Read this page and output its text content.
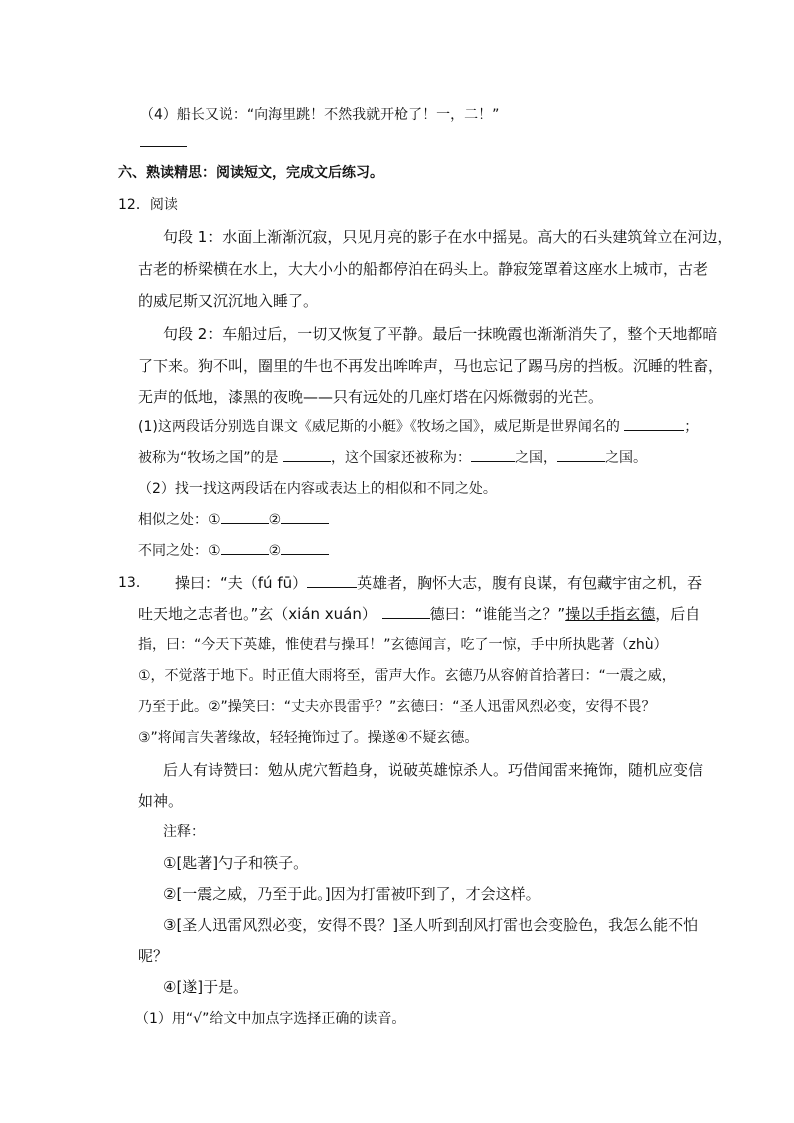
（4）船长又说：“向海里跳！不然我就开枪了！一，二！”
六、熟读精思：阅读短文，完成文后练习。
12．阅读
句段 1：水面上渐渐沉寂，只见月亮的影子在水中摇晃。高大的石头建筑耸立在河边，
古老的桥梁横在水上，大大小小的船都停泊在码头上。静寂笼罩着这座水上城市，古老
的威尼斯又沉沉地入睡了。
句段 2：车船过后，一切又恢复了平静。最后一抹晚霞也渐渐消失了，整个天地都暗
了下来。狗不叫，圈里的牛也不再发出哞哞声，马也忘记了踢马房的挡板。沉睡的牲畜，
无声的低地，漆黑的夜晚——只有远处的几座灯塔在闪烁微弱的光芒。
(1)这两段话分别选自课文《威尼斯的小艇》《牧场之国》，威尼斯是世界闻名的	；
被称为“牧场之国”的是	，这个国家还被称为：	之国，	之国。
（2）找一找这两段话在内容或表达上的相似和不同之处。
相似之处：①	②
不同之处：①	②
13． 操曰：“夫（fú fū）	英雄者，胸怀大志，腹有良谋，有包藏宇宙之机，吞
吐天地之志者也。”玄（xián xuán）	德曰：“谁能当之？”操以手指玄德，后自
指，曰：“今天下英雄，惟使君与操耳！”玄德闻言，吃了一惊，手中所执匙著（zhù）
①，不觉落于地下。时正值大雨将至，雷声大作。玄德乃从容俯首拾著曰：“一震之威，
乃至于此。②”操笑曰：“丈夫亦畏雷乎？”玄德曰：“圣人迅雷风烈必变，安得不畏？
③”将闻言失著缘故，轻轻掩饰过了。操遂④不疑玄德。
后人有诗赞曰：勉从虎穴暂趋身，说破英雄惊杀人。巧借闻雷来掩饰，随机应变信
如神。
注释：
①[匙著]勺子和筷子。
②[一震之威，乃至于此。]因为打雷被吓到了，才会这样。
③[圣人迅雷风烈必变，安得不畏？]圣人听到刮风打雷也会变脸色，我怎么能不怕
呢？
④[遂]于是。
（1）用“√”给文中加点字选择正确的读音。
